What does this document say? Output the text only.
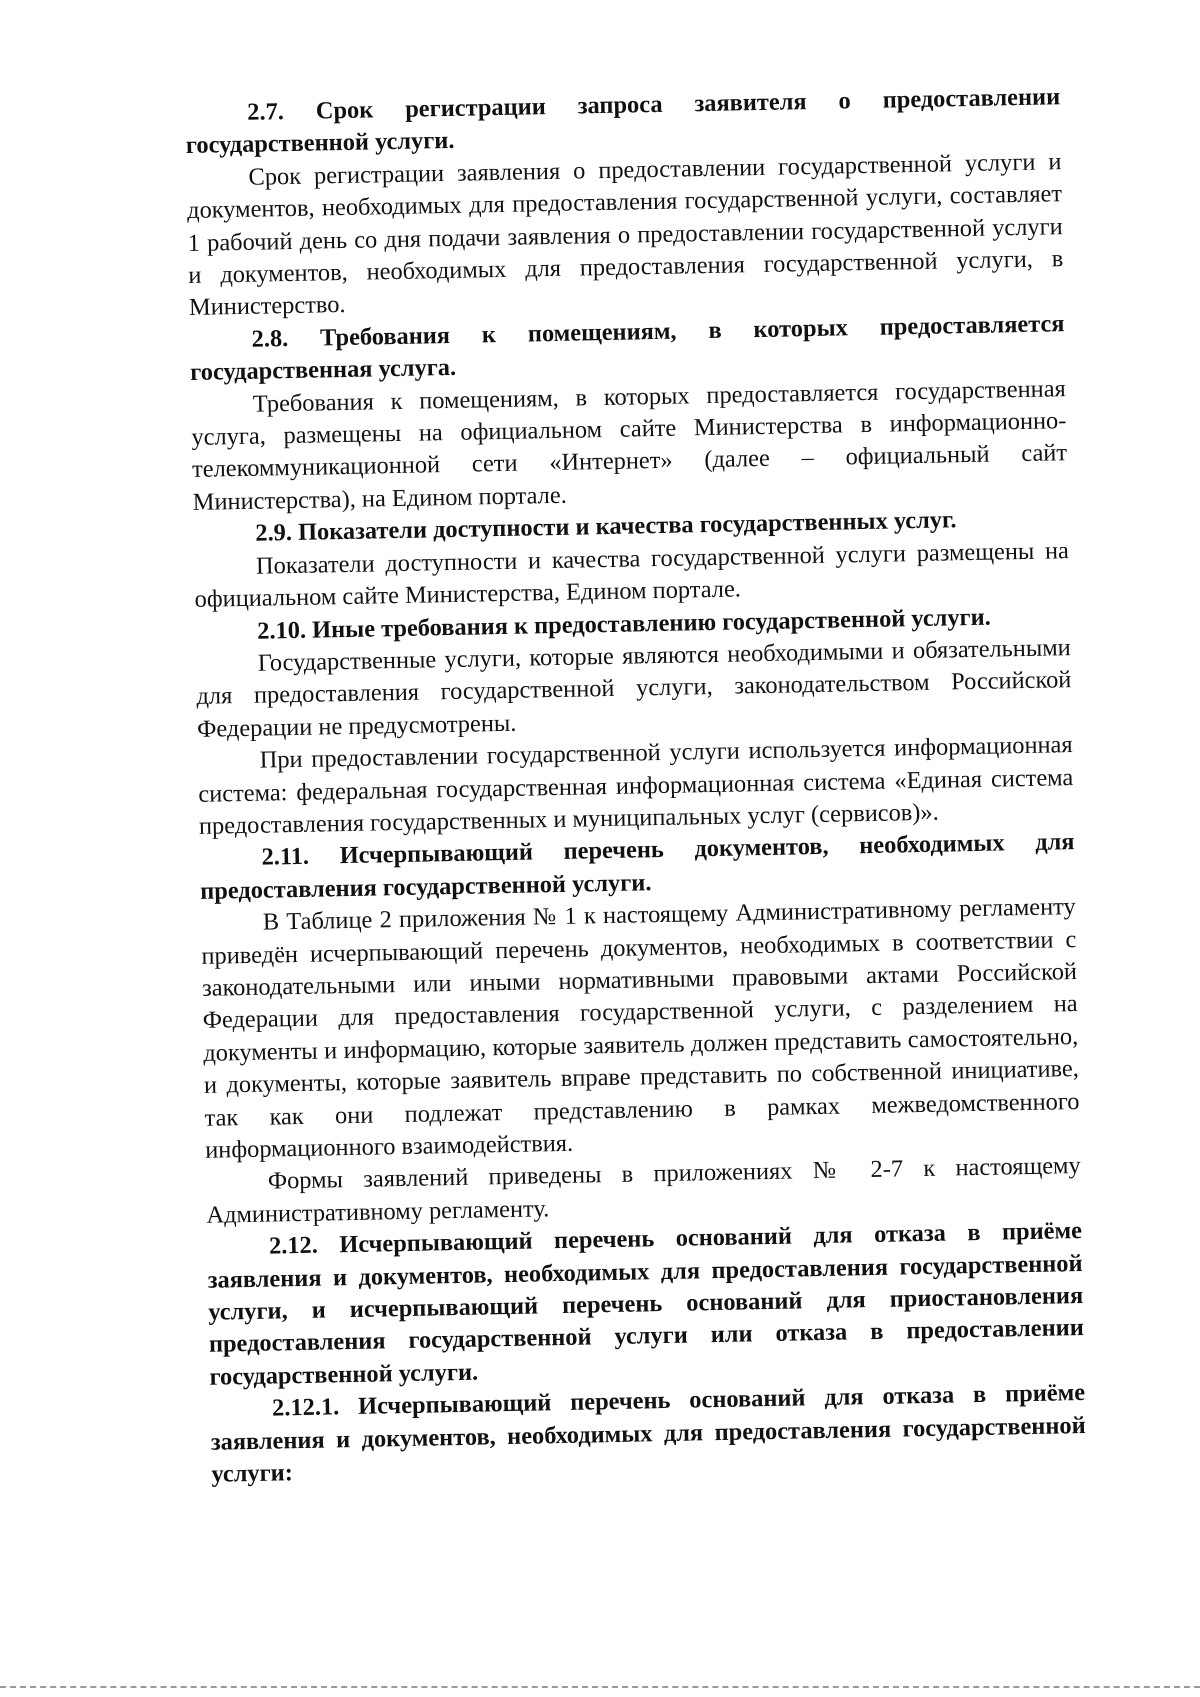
2.7. Срок регистрации запроса заявителя о предоставлении государственной услуги.

Срок регистрации заявления о предоставлении государственной услуги и документов, необходимых для предоставления государственной услуги, составляет 1 рабочий день со дня подачи заявления о предоставлении государственной услуги и документов, необходимых для предоставления государственной услуги, в Министерство.

2.8. Требования к помещениям, в которых предоставляется государственная услуга.

Требования к помещениям, в которых предоставляется государственная услуга, размещены на официальном сайте Министерства в информационно-телекоммуникационной сети «Интернет» (далее – официальный сайт Министерства), на Едином портале.

2.9. Показатели доступности и качества государственных услуг.

Показатели доступности и качества государственной услуги размещены на официальном сайте Министерства, Едином портале.

2.10. Иные требования к предоставлению государственной услуги.

Государственные услуги, которые являются необходимыми и обязательными для предоставления государственной услуги, законодательством Российской Федерации не предусмотрены.

При предоставлении государственной услуги используется информационная система: федеральная государственная информационная система «Единая система предоставления государственных и муниципальных услуг (сервисов)».

2.11. Исчерпывающий перечень документов, необходимых для предоставления государственной услуги.

В Таблице 2 приложения № 1 к настоящему Административному регламенту приведён исчерпывающий перечень документов, необходимых в соответствии с законодательными или иными нормативными правовыми актами Российской Федерации для предоставления государственной услуги, с разделением на документы и информацию, которые заявитель должен представить самостоятельно, и документы, которые заявитель вправе представить по собственной инициативе, так как они подлежат представлению в рамках межведомственного информационного взаимодействия.

Формы заявлений приведены в приложениях № 2-7 к настоящему Административному регламенту.

2.12. Исчерпывающий перечень оснований для отказа в приёме заявления и документов, необходимых для предоставления государственной услуги, и исчерпывающий перечень оснований для приостановления предоставления государственной услуги или отказа в предоставлении государственной услуги.

2.12.1. Исчерпывающий перечень оснований для отказа в приёме заявления и документов, необходимых для предоставления государственной услуги:
